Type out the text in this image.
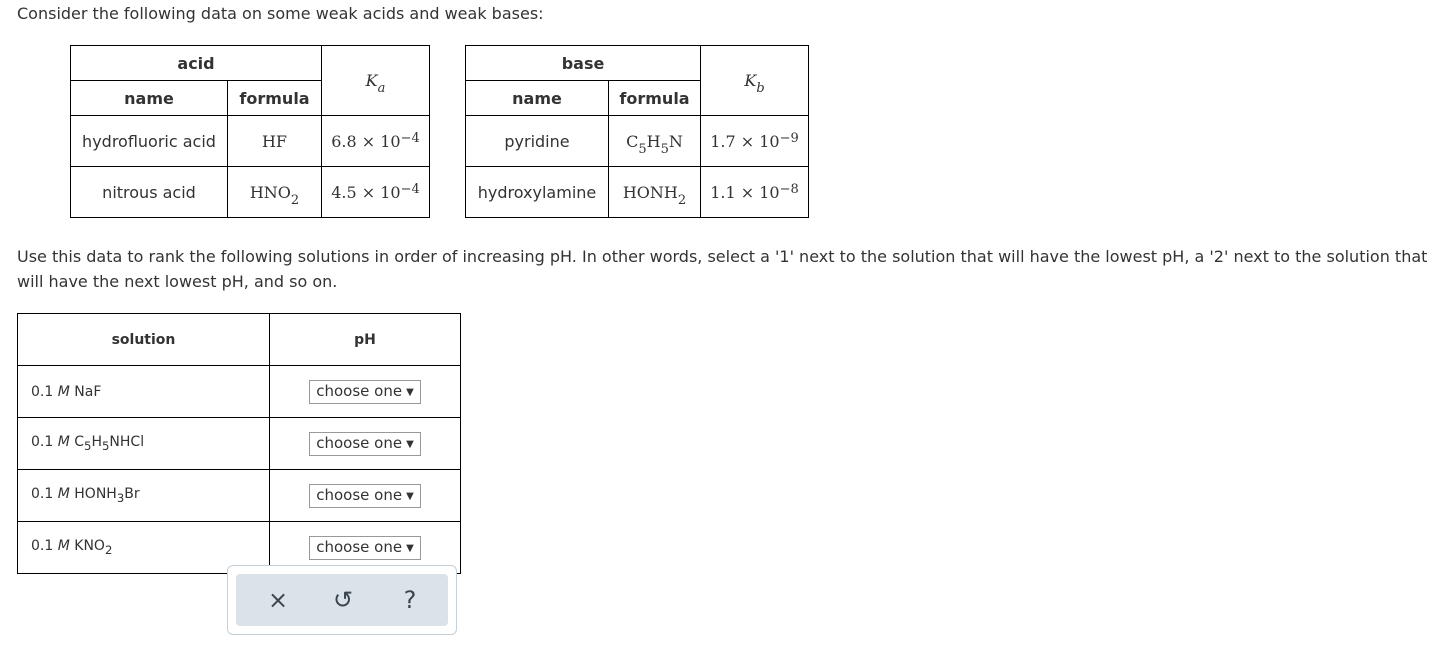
Consider the following data on some weak acids and weak bases:
acid		$K_a$
name	formula	
hydrofluoric acid	HF	$6.8 \times 10^{-4}$
nitrous acid	$HNO_2$	$4.5 \times 10^{-4}$
base		$K_b$
name	formula	
pyridine	$C_5H_5N$	$1.7 \times 10^{-9}$
hydroxylamine	$HONH_2$	$1.1 \times 10^{-8}$
Use this data to rank the following solutions in order of increasing pH. In other words, select a '1' next to the solution that will have the lowest pH, a '2' next to the solution that will have the next lowest pH, and so on.
solution	pH
0.1 M NaF	choose one ▼
0.1 M $C_5H_5NHCl$	choose one ▼
0.1 M $HONH_3Br$	choose one ▼
0.1 M $KNO_2$	choose one ▼
× ↺ ?
